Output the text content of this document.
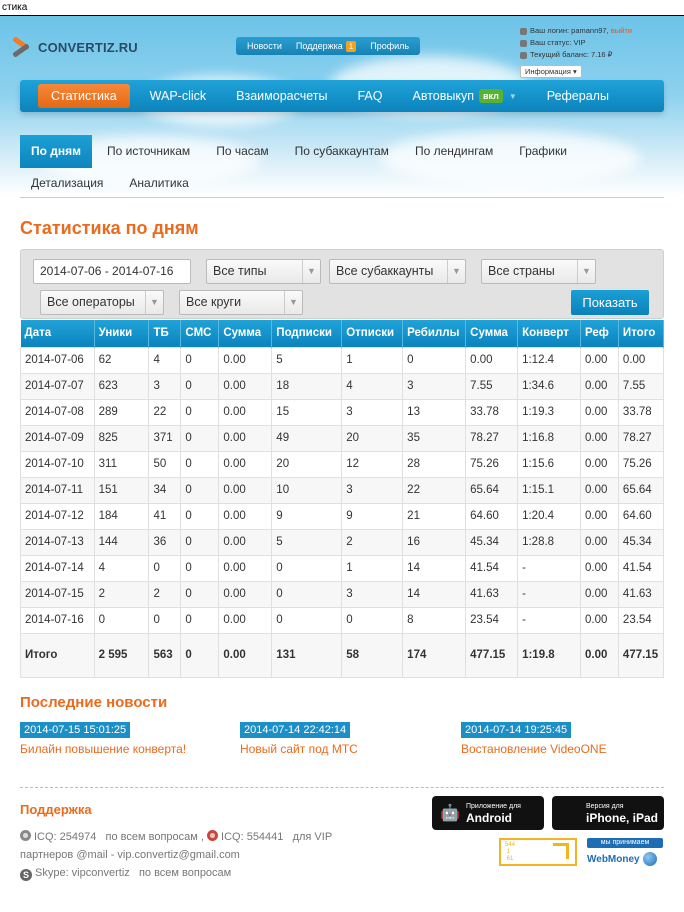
стика
CONVERTIZ.RU	Новости	Поддержка 1	Профиль
Ваш логин:
pamann97,
выйти
Ваш статус:
VIP
Текущий баланс:
7.16 ₽
Информация ▾
Статистика	WAP-click Взаиморасчеты FAQ Автовыкуп	вкл	▼ Рефералы
По дням	По источникам	По часам	По субаккаунтам	По лендингам	Графики
Детализация	Аналитика
Статистика по дням
2014-07-06 - 2014-07-16	Все типы	▼	Все субаккаунты	▼	Все страны	▼
Все операторы	▼	Все круги	▼	Показать
Дата	Уники	ТБ	СМС	Сумма	Подписки	Отписки	Ребиллы	Сумма	Конверт	Реф	Итого
2014-07-06	62	4	0	0.00	5	1	0	0.00	1:12.4	0.00	0.00
2014-07-07	623	3	0	0.00	18	4	3	7.55	1:34.6	0.00	7.55
2014-07-08	289	22	0	0.00	15	3	13	33.78	1:19.3	0.00	33.78
2014-07-09	825	371	0	0.00	49	20	35	78.27	1:16.8	0.00	78.27
2014-07-10	311	50	0	0.00	20	12	28	75.26	1:15.6	0.00	75.26
2014-07-11	151	34	0	0.00	10	3	22	65.64	1:15.1	0.00	65.64
2014-07-12	184	41	0	0.00	9	9	21	64.60	1:20.4	0.00	64.60
2014-07-13	144	36	0	0.00	5	2	16	45.34	1:28.8	0.00	45.34
2014-07-14	4	0	0	0.00	0	1	14	41.54	-	0.00	41.54
2014-07-15	2	2	0	0.00	0	3	14	41.63	-	0.00	41.63
2014-07-16	0	0	0	0.00	0	0	8	23.54	-	0.00	23.54
Итого	2 595	563	0	0.00	131	58	174	477.15	1:19.8	0.00	477.15
Последние новости
2014-07-15 15:01:25
Билайн повышение конверта!
2014-07-14 22:42:14
Новый сайт под МТС
2014-07-14 19:25:45
Востановление VideoONE
Поддержка
ICQ: 254974 по всем вопросам , ICQ: 554441 для VIP
партнеров @mail - vip.convertiz@gmail.com
S Skype: vipconvertiz по всем вопросам
🤖 Приложение для
Android
Версия для
iPhone, iPad
544
1
61
мы принимаем
WebMoney
